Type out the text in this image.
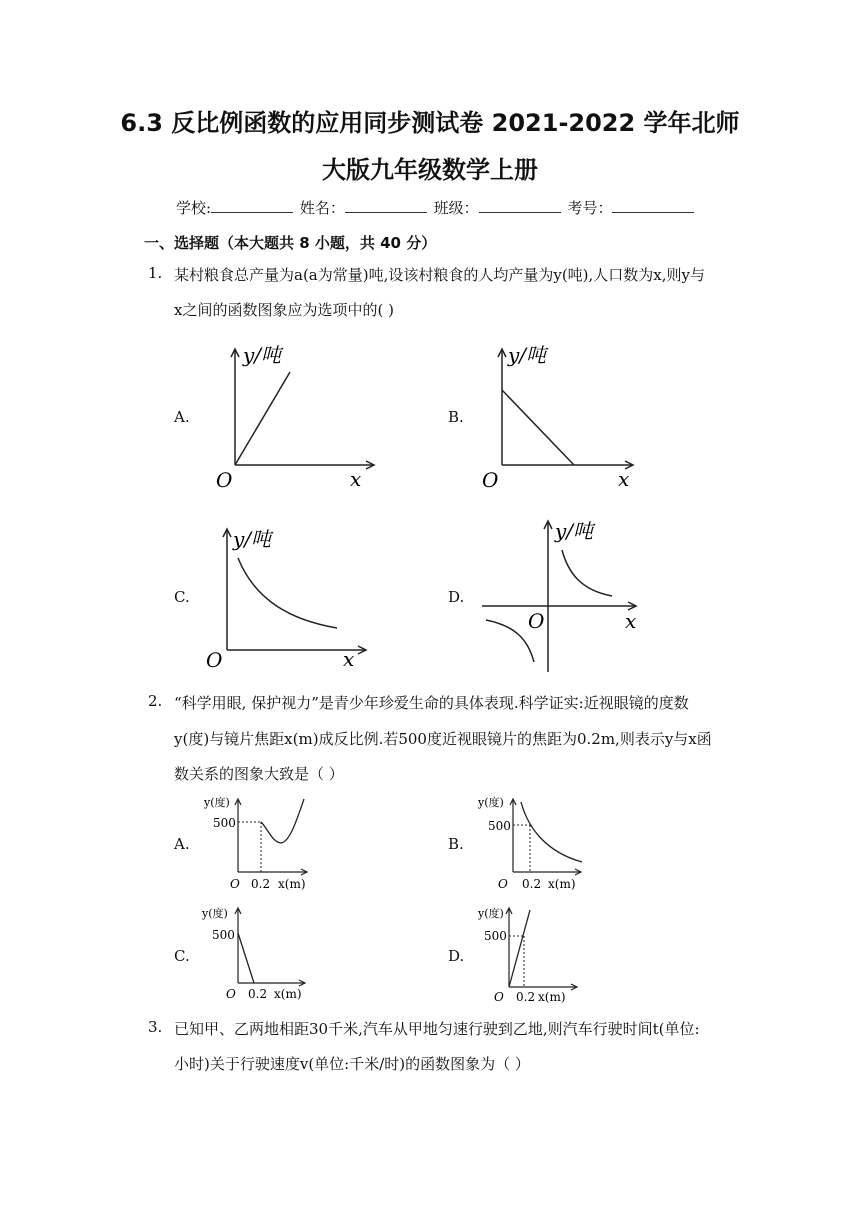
6.3 反比例函数的应用同步测试卷 2021-2022 学年北师
大版九年级数学上册
学校:	姓名：	班级：	考号：
一、选择题（本大题共 8 小题，共 40 分）
1. 某村粮食总产量为a(a为常量)吨,设该村粮食的人均产量为y(吨),人口数为x,则y与
x之间的函数图象应为选项中的( )
A.
y/吨
O	x
B.
y/吨
O	x
C.
y/吨
O	x
D.
y/吨
O	x
2. “科学用眼, 保护视力”是青少年珍爱生命的具体表现.科学证实:近视眼镜的度数
y(度)与镜片焦距x(m)成反比例.若500度近视眼镜片的焦距为0.2m,则表示y与x函
数关系的图象大致是（ ）
A.
y(度)
500
O 0.2 x(m)
B.
y(度)
500
O 0.2 x(m)
C.
y(度)
500
O 0.2 x(m)
D.
y(度)
500
O 0.2 x(m)
3. 已知甲、乙两地相距30千米,汽车从甲地匀速行驶到乙地,则汽车行驶时间t(单位:
小时)关于行驶速度v(单位:千米/时)的函数图象为（ ）
